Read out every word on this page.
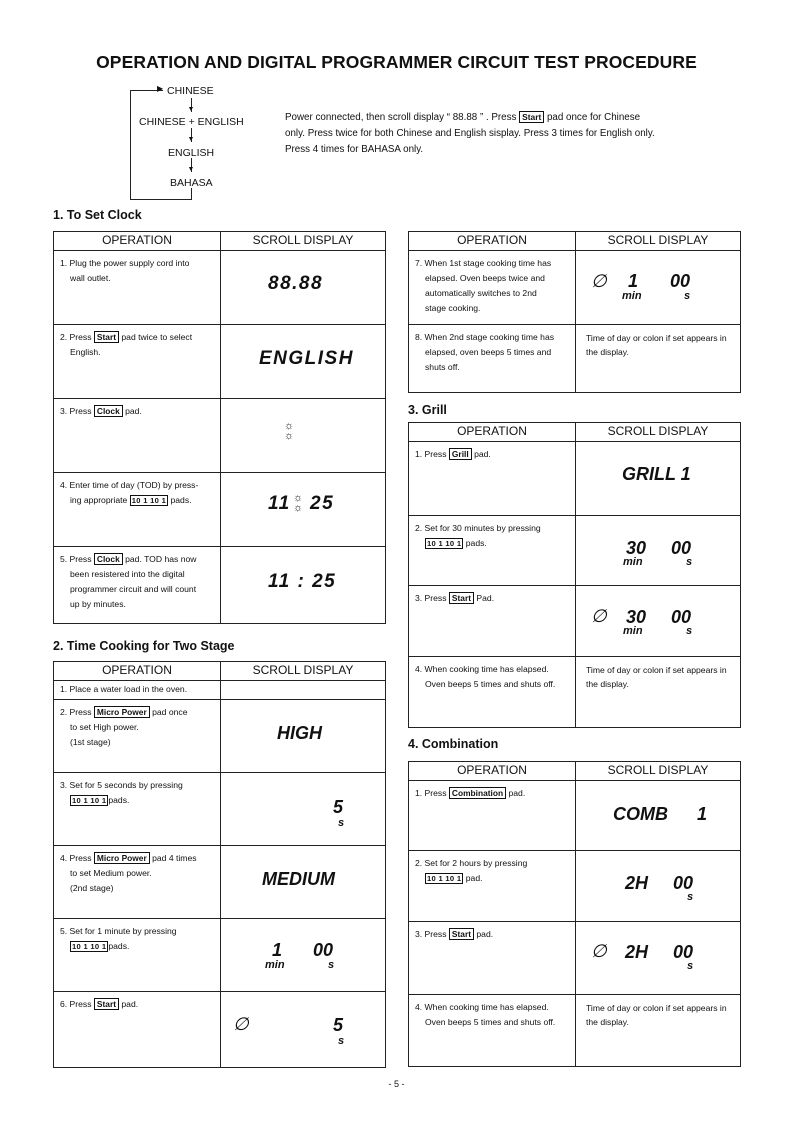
OPERATION AND DIGITAL PROGRAMMER CIRCUIT TEST PROCEDURE
▶
▼
▼
▼
CHINESE
CHINESE + ENGLISH
ENGLISH
BAHASA
Power connected, then scroll display “ 88.88 ” . Press Start pad once for Chinese only. Press twice for both Chinese and English sisplay. Press 3 times for English only. Press 4 times for BAHASA only.
1. To Set Clock
OPERATION	SCROLL DISPLAY

1. Plug the power supply cord into
wall outlet.	88.88

2. Press Start pad twice to select
English.	ENGLISH

3. Press Clock pad.	☼
☼

4. Enter time of day (TOD) by press-
ing appropriate 10 1 10 1 pads.	11 ☼
☼ 25

5. Press Clock pad. TOD has now
been resistered into the digital
programmer circuit and will count
up by minutes.	11 : 25
2. Time Cooking for Two Stage
OPERATION	SCROLL DISPLAY

1. Place a water load in the oven.	

2. Press Micro Power pad once
to set High power.
(1st stage)	HIGH

3. Set for 5 seconds by pressing
10 1 10 1 pads.	5
s

4. Press Micro Power pad 4 times
to set Medium power.
(2nd stage)	MEDIUM

5. Set for 1 minute by pressing
10 1 10 1 pads.	1
min
00
s

6. Press Start pad.	∅ 5
s
OPERATION	SCROLL DISPLAY

7. When 1st stage cooking time has
elapsed. Oven beeps twice and
automatically switches to 2nd
stage cooking.	∅ 1
min
00
s

8. When 2nd stage cooking time has
elapsed, oven beeps 5 times and
shuts off.	Time of day or colon if set appears in the display.
3. Grill
OPERATION	SCROLL DISPLAY

1. Press Grill pad.	GRILL 1

2. Set for 30 minutes by pressing
10 1 10 1 pads.	30
min
00
s

3. Press Start Pad.	∅ 30
min
00
s

4. When cooking time has elapsed.
Oven beeps 5 times and shuts off.	Time of day or colon if set appears in the display.
4. Combination
OPERATION	SCROLL DISPLAY

1. Press Combination pad.	COMB 1

2. Set for 2 hours by pressing
10 1 10 1 pad.	2H 00
s

3. Press Start pad.	∅ 2H 00
s

4. When cooking time has elapsed.
Oven beeps 5 times and shuts off.	Time of day or colon if set appears in the display.
- 5 -
